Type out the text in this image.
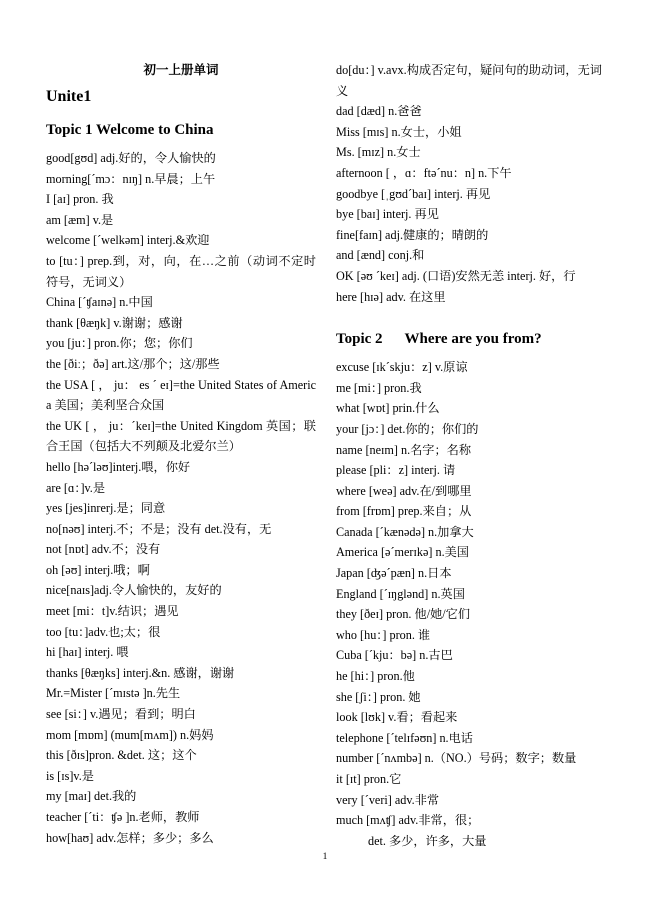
初一上册单词
Unite1
Topic 1 Welcome to China
good[gʊd] adj.好的，令人愉快的
morning[ˊmɔ：nɪŋ] n.早晨；上午
I [aɪ] pron. 我
am [æm] v.是
welcome [ˊwelkəm] interj.&欢迎
to [tu：] prep.到，对，向，在…之前（动词不定时符号，无词义）
China [ˊʧaɪnə] n.中国
thank [θæŋk] v.谢谢；感谢
you [ju：] pron.你；您；你们
the [ðiː；ðə] art.这/那个；这/那些
the USA [ ， ju： es ˊ eɪ]=the United States of America 美国；美利坚合众国
the UK [ ， ju：ˊkeɪ]=the United Kingdom 英国；联合王国（包括大不列颠及北爱尔兰）
hello [həˊləʊ]interj.喂，你好
are [ɑ：]v.是
yes [jes]inrerj.是；同意
no[nəʊ] interj.不；不是；没有 det.没有，无
not [nɒt] adv.不；没有
oh [əʊ] interj.哦；啊
nice[naɪs]adj.令人愉快的，友好的
meet [mi：t]v.结识；遇见
too [tu：]adv.也;太；很
hi [haɪ] interj. 喂
thanks [θæŋks] interj.&n. 感谢，谢谢
Mr.=Mister [ˊmɪstə ]n.先生
see [si：] v.遇见；看到；明白
mom [mɒm] (mum[mʌm]) n.妈妈
this [ðɪs]pron. &det. 这；这个
is [ɪs]v.是
my [maɪ] det.我的
teacher [ˊti：ʧə ]n.老师，教师
how[haʊ] adv.怎样；多少；多么
do[du：] v.avx.构成否定句，疑问句的助动词，无词义
dad [dæd] n.爸爸
Miss [mɪs] n.女士，小姐
Ms. [mɪz] n.女士
afternoon [ ，ɑ：ftəˊnu：n] n.下午
goodbye [ˌgʊdˊbaɪ] interj. 再见
bye [baɪ] interj. 再见
fine[faɪn] adj.健康的；晴朗的
and [ænd] conj.和
OK [əʊ ˊkeɪ] adj. (口语)安然无恙 interj. 好，行
here [hɪə] adv. 在这里
Topic 2 Where are you from?
excuse [ɪkˊskju：z] v.原谅
me [mi：] pron.我
what [wɒt] prin.什么
your [jɔ：] det.你的；你们的
name [neɪm] n.名字；名称
please [pli：z] interj. 请
where [weə] adv.在/到哪里
from [frɒm] prep.来自；从
Canada [ˊkænədə] n.加拿大
America [əˊmerɪkə] n.美国
Japan [ʤəˊpæn] n.日本
England [ˊɪŋglənd] n.英国
they [ðeɪ] pron. 他/她/它们
who [hu：] pron. 谁
Cuba [ˊkju：bə] n.古巴
he [hi：] pron.他
she [ʃi：] pron. 她
look [lʊk] v.看；看起来
telephone [ˊtelɪfəʊn] n.电话
number [ˊnʌmbə] n.（NO.）号码；数字；数量
it [ɪt] pron.它
very [ˊveri] adv.非常
much [mʌʧ] adv.非常，很；
det. 多少，许多，大量
1
